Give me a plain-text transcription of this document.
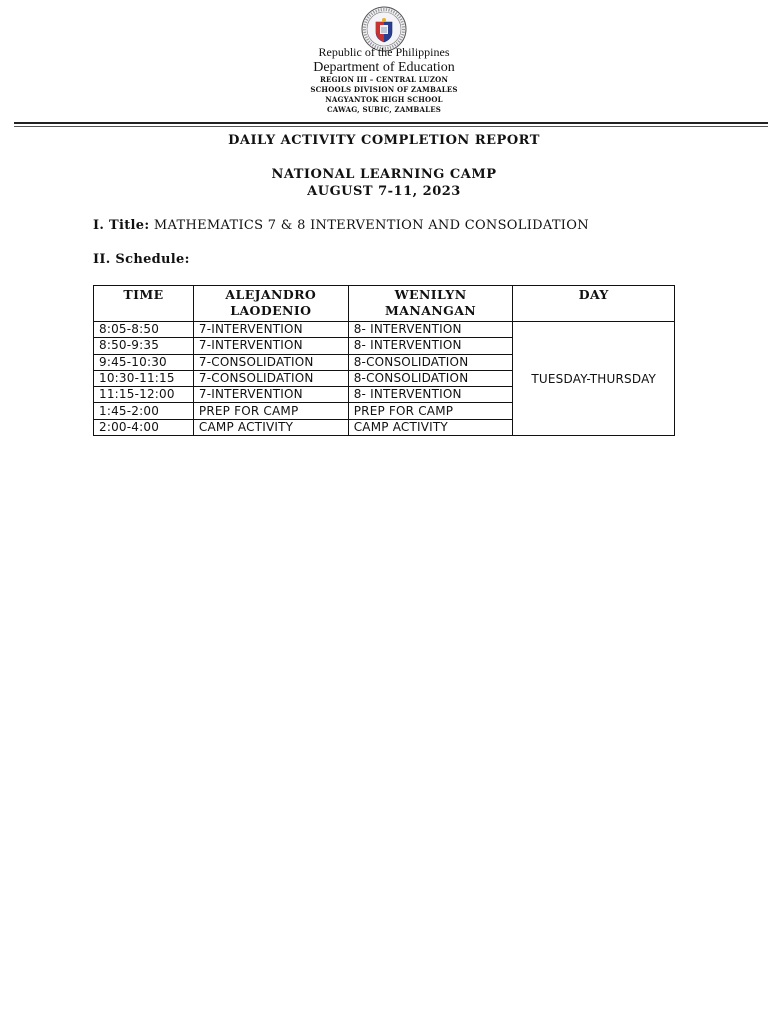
Republic of the Philippines
Department of Education
REGION III – CENTRAL LUZON
SCHOOLS DIVISION OF ZAMBALES
NAGYANTOK HIGH SCHOOL
CAWAG, SUBIC, ZAMBALES
DAILY ACTIVITY COMPLETION REPORT
NATIONAL LEARNING CAMP
AUGUST 7-11, 2023
I. Title: MATHEMATICS 7 & 8 INTERVENTION AND CONSOLIDATION
II. Schedule:
TIME	ALEJANDRO LAODENIO	WENILYN MANANGAN	DAY
8:05-8:50	7-INTERVENTION	8- INTERVENTION	TUESDAY-THURSDAY
8:50-9:35	7-INTERVENTION	8- INTERVENTION	
9:45-10:30	7-CONSOLIDATION	8-CONSOLIDATION	
10:30-11:15	7-CONSOLIDATION	8-CONSOLIDATION	
11:15-12:00	7-INTERVENTION	8- INTERVENTION	
1:45-2:00	PREP FOR CAMP	PREP FOR CAMP	
2:00-4:00	CAMP ACTIVITY	CAMP ACTIVITY	
